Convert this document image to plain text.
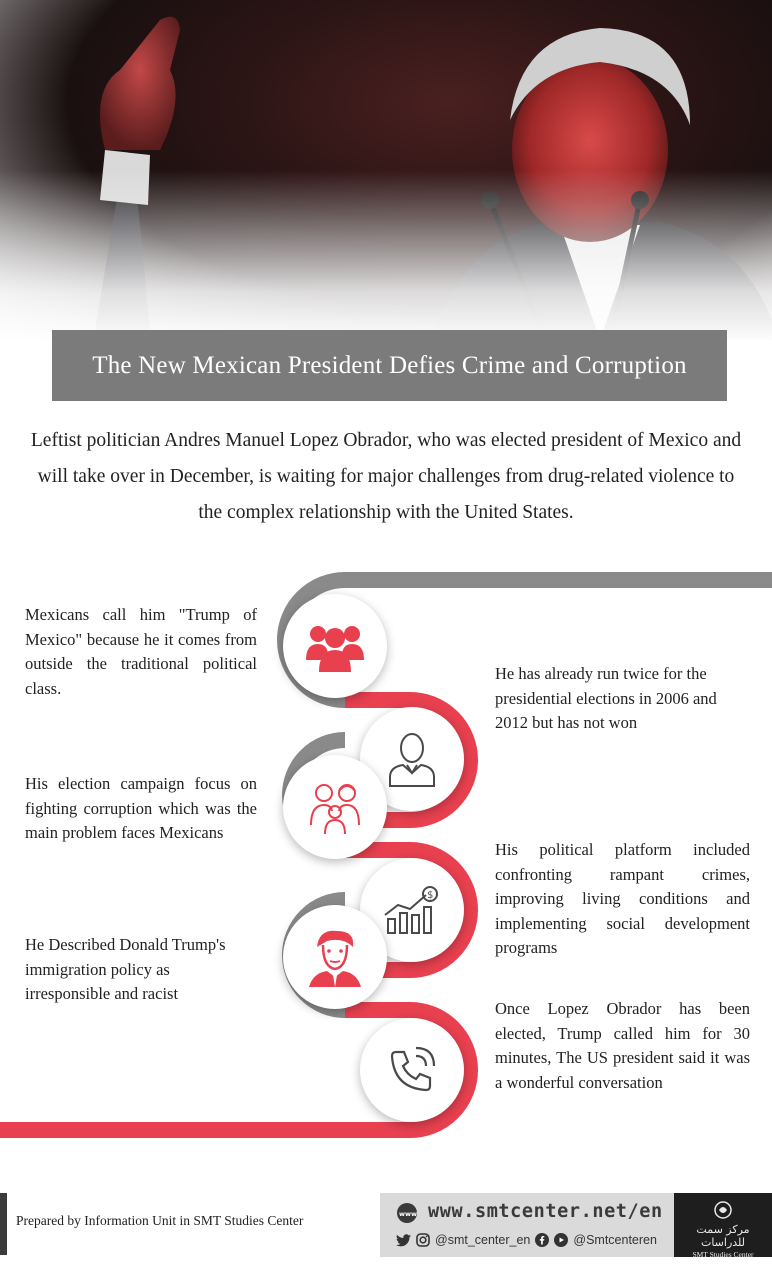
The New Mexican President Defies Crime and Corruption

Leftist politician Andres Manuel Lopez Obrador, who was elected president of Mexico and will take over in December, is waiting for major challenges from drug-related violence to the complex relationship with the United States.

Mexicans call him "Trump of Mexico" because he it comes from outside the traditional political class.
He has already run twice for the presidential elections in 2006 and 2012 but has not won
His election campaign focus on fighting corruption which was the main problem faces Mexicans
His political platform included confronting rampant crimes, improving living conditions and implementing social development programs
$
He Described Donald Trump's immigration policy as irresponsible and racist
Once Lopez Obrador has been elected, Trump called him for 30 minutes, The US president said it was a wonderful conversation
Prepared by Information Unit in SMT Studies Center	www www.smtcenter.net/en
@smt_center_en	@Smtcenteren
مركز سمت للدراسات
SMT Studies Center
